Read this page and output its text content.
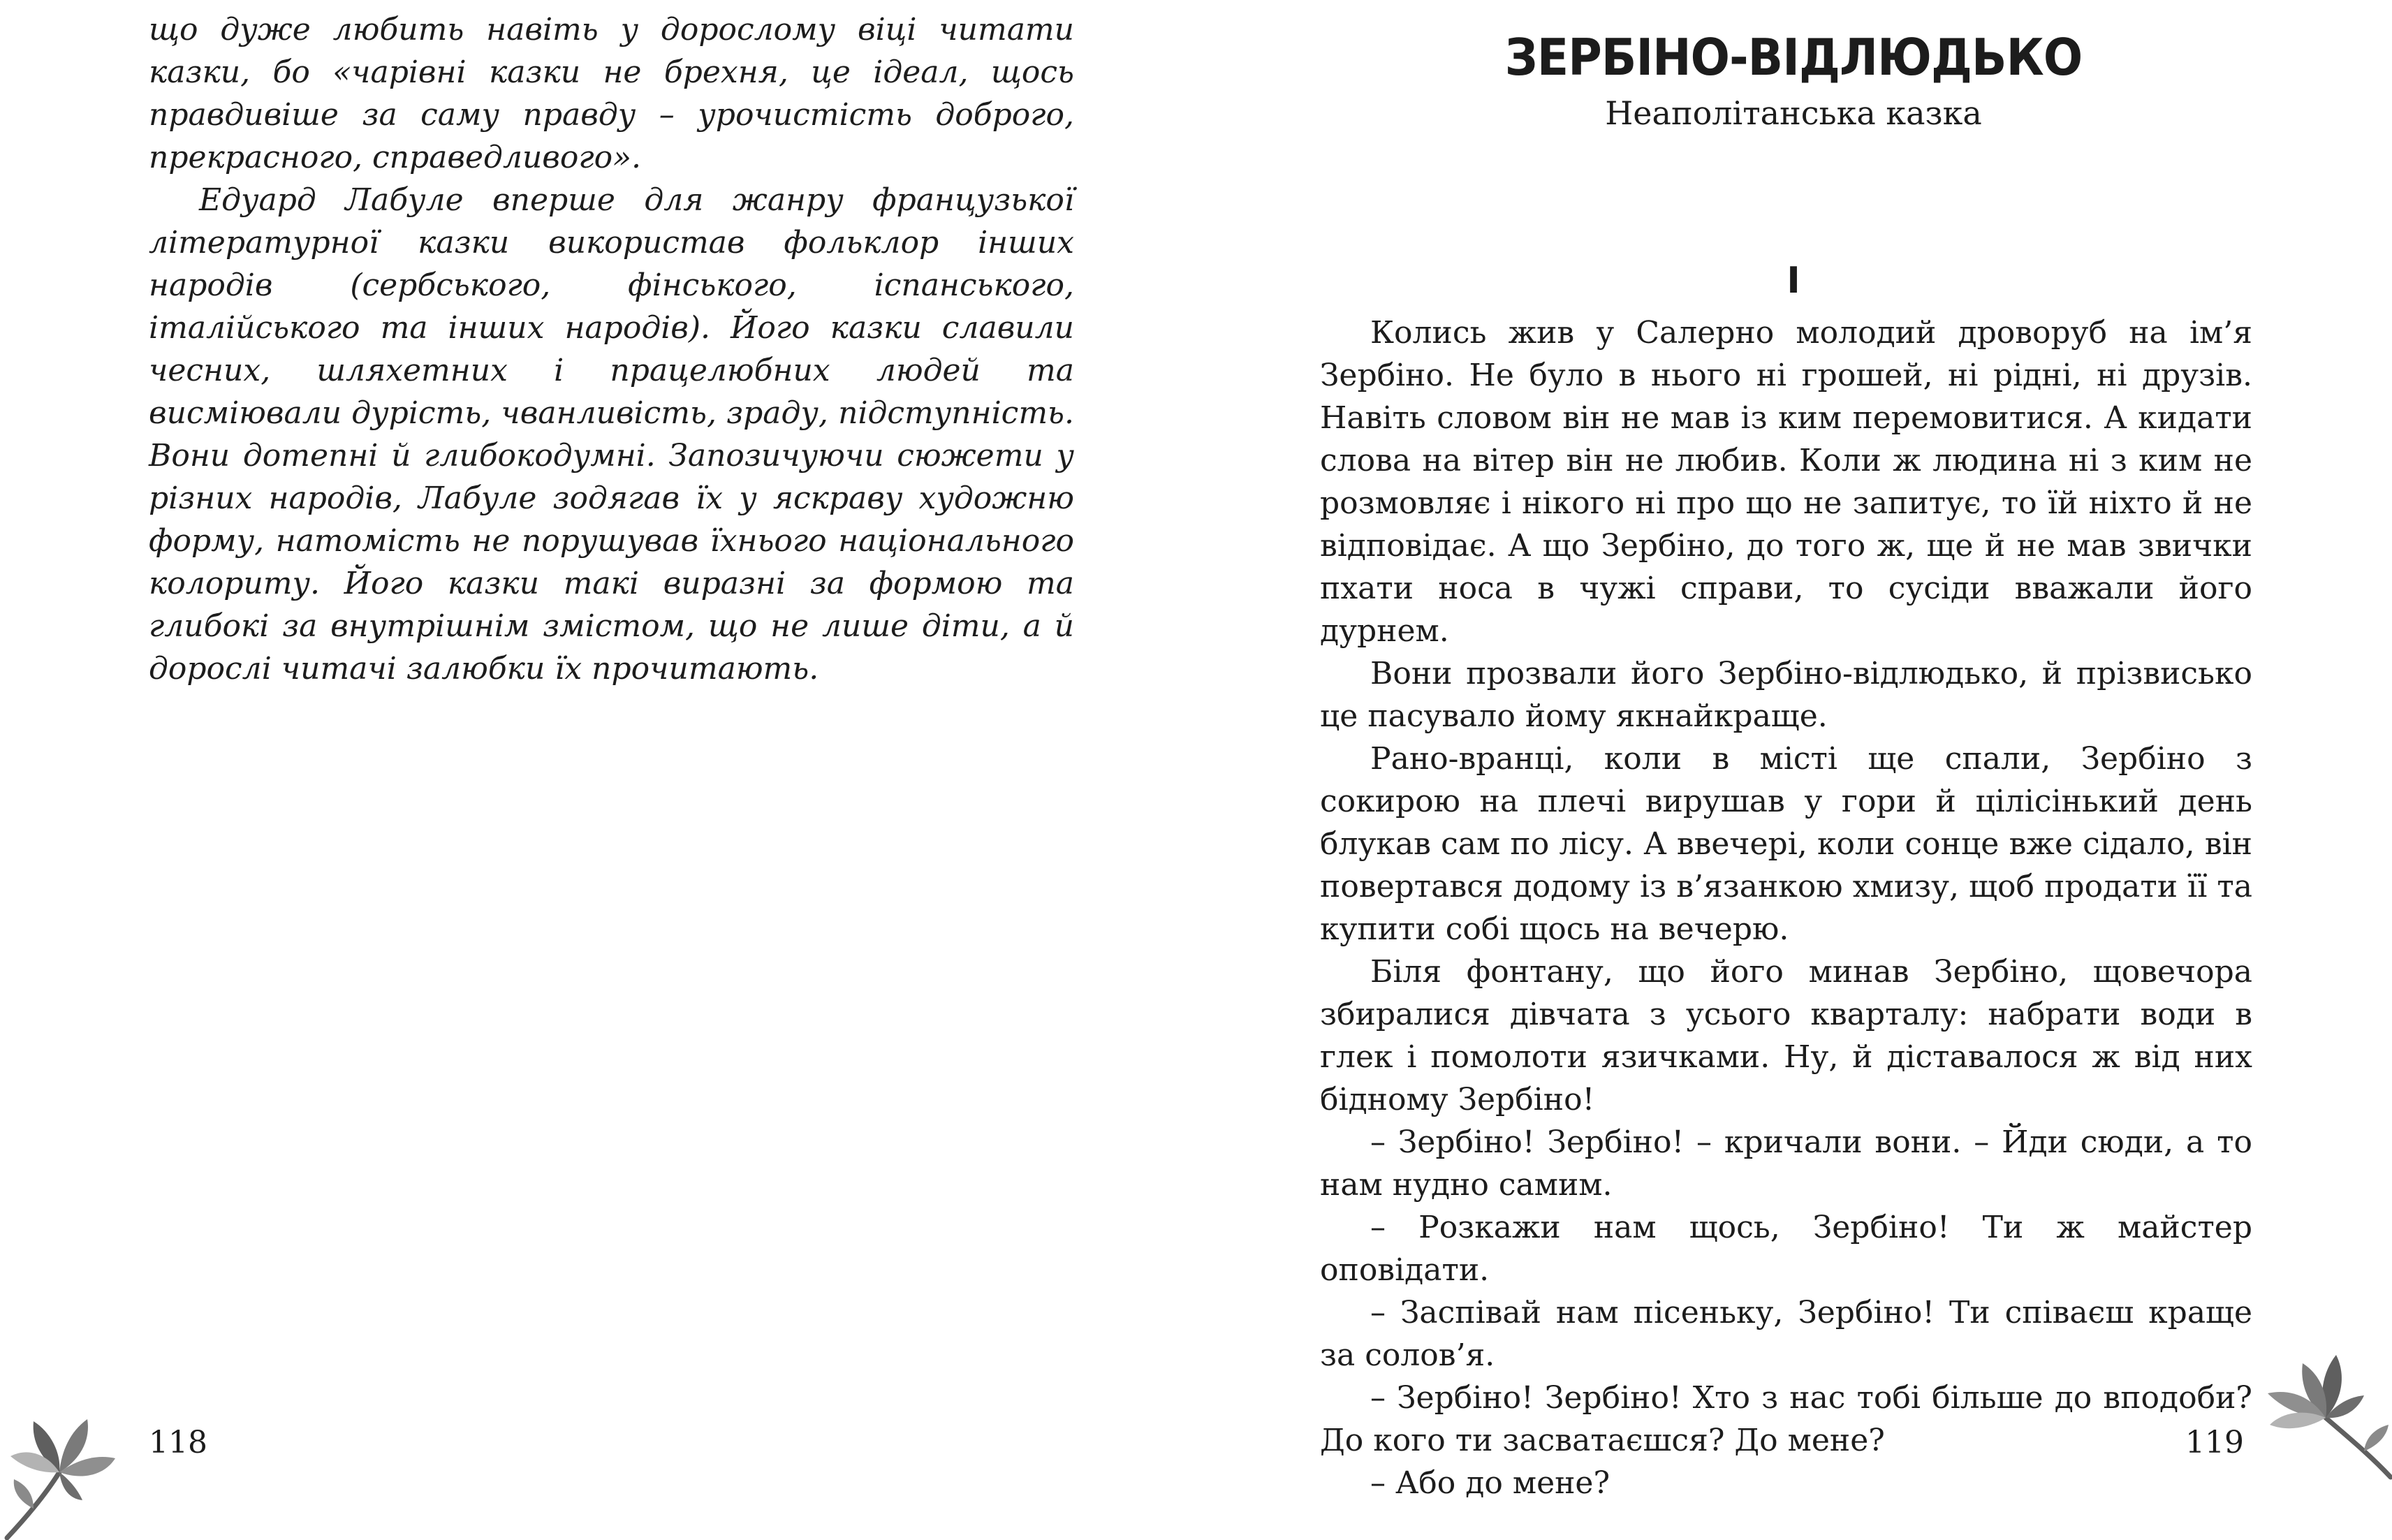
що дуже любить навіть у дорослому віці читати казки, бо «чарівні казки не брехня, це ідеал, щось правдивіше за саму правду – урочистість доброго, прекрасного, справедливого».

Едуард Лабуле вперше для жанру французької літературної казки використав фольклор інших народів (сербського, фінського, іспанського, італійського та інших народів). Його казки славили чесних, шляхетних і працелюбних людей та висміювали дурість, чванливість, зраду, підступність. Вони дотепні й глибокодумні. Запозичуючи сюжети у різних народів, Лабуле зодягав їх у яскраву художню форму, натомість не порушував їхнього національного колориту. Його казки такі виразні за формою та глибокі за внутрішнім змістом, що не лише діти, а й дорослі читачі залюбки їх прочитають.

118
ЗЕРБІНО-ВІДЛЮДЬКО
Неаполітанська казка
І

Колись жив у Салерно молодий дроворуб на ім’я Зербіно. Не було в нього ні грошей, ні рідні, ні друзів. Навіть словом він не мав із ким перемовитися. А кидати слова на вітер він не любив. Коли ж людина ні з ким не розмовляє і нікого ні про що не запитує, то їй ніхто й не відповідає. А що Зербіно, до того ж, ще й не мав звички пхати носа в чужі справи, то сусіди вважали його дурнем.

Вони прозвали його Зербіно-відлюдько, й прізвисько це пасувало йому якнайкраще.

Рано-вранці, коли в місті ще спали, Зербіно з сокирою на плечі вирушав у гори й цілісінький день блукав сам по лісу. А ввечері, коли сонце вже сідало, він повертався додому із в’язанкою хмизу, щоб продати її та купити собі щось на вечерю.

Біля фонтану, що його минав Зербіно, щовечора збиралися дівчата з усього кварталу: набрати води в глек і помолоти язичками. Ну, й діставалося ж від них бідному Зербіно!

– Зербіно! Зербіно! – кричали вони. – Йди сюди, а то нам нудно самим.

– Розкажи нам щось, Зербіно! Ти ж майстер оповідати.

– Заспівай нам пісеньку, Зербіно! Ти співаєш краще за солов’я.

– Зербіно! Зербіно! Хто з нас тобі більше до вподоби? До кого ти засватаєшся? До мене?

– Або до мене?

119
